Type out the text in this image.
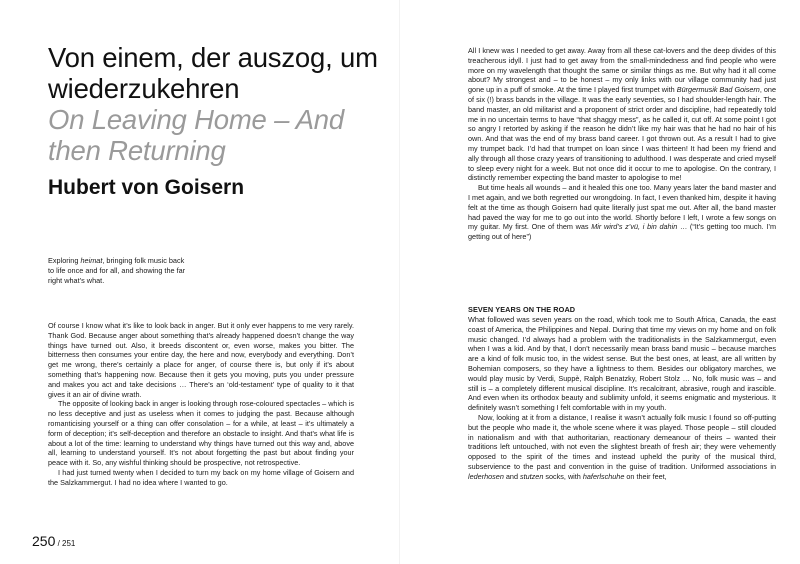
Von einem, der auszog, um wiederzukehren
On Leaving Home – And then Returning
Hubert von Goisern

Exploring heimat, bringing folk music back to life once and for all, and showing the far right what’s what.

Of course I know what it’s like to look back in anger. But it only ever happens to me very rarely. Thank God. Because anger about something that’s already happened doesn’t change the way things have turned out. Also, it breeds discontent or, even worse, makes you bitter. The bitterness then consumes your entire day, the here and now, everybody and everything. Don’t get me wrong, there’s certainly a place for anger, of course there is, but only if it’s about something that’s happening now. Because then it gets you moving, puts you under pressure and makes you act and take decisions … There’s an ‘old-testament’ type of quality to it that gives it an air of divine wrath.

The opposite of looking back in anger is looking through rose-coloured spectacles – which is no less deceptive and just as useless when it comes to judging the past. Because although romanticising yourself or a thing can offer consolation – for a while, at least – it’s ultimately a form of deception; it’s self-deception and therefore an obstacle to insight. And that’s what life is about a lot of the time: learning to understand why things have turned out this way and, above all, learning to understand yourself. It’s not about forgetting the past but about finding your peace with it. So, any wishful thinking should be prospective, not retrospective.

I had just turned twenty when I decided to turn my back on my home village of Goisern and the Salzkammergut. I had no idea where I wanted to go.

250 / 251

All I knew was I needed to get away. Away from all these cat-lovers and the deep divides of this treacherous idyll. I just had to get away from the small-mindedness and find people who were more on my wavelength that thought the same or similar things as me. But why had it all come about? My strongest and – to be honest – my only links with our village community had just gone up in a puff of smoke. At the time I played first trumpet with Bürgermusik Bad Goisern, one of six (!) brass bands in the village. It was the early seventies, so I had shoulder-length hair. The band master, an old militarist and a proponent of strict order and discipline, had repeatedly told me in no uncertain terms to have “that shaggy mess”, as he called it, cut off. At some point I got so angry I retorted by asking if the reason he didn’t like my hair was that he had no hair of his own. And that was the end of my brass band career. I got thrown out. As a result I had to give my trumpet back. I’d had that trumpet on loan since I was thirteen! It had been my friend and ally through all those crazy years of transitioning to adulthood. I was desperate and cried myself to sleep every night for a week. But not once did it occur to me to apologise. On the contrary, I distinctly remember expecting the band master to apologise to me!

But time heals all wounds – and it healed this one too. Many years later the band master and I met again, and we both regretted our wrongdoing. In fact, I even thanked him, despite it having felt at the time as though Goisern had quite literally just spat me out. After all, the band master had paved the way for me to go out into the world. Shortly before I left, I wrote a few songs on my guitar. My first. One of them was Mir wird’s z’vü, i bin dahin … (“It’s getting too much. I’m getting out of here”)

SEVEN YEARS ON THE ROAD

What followed was seven years on the road, which took me to South Africa, Canada, the east coast of America, the Philippines and Nepal. During that time my views on my home and on folk music changed. I’d always had a problem with the traditionalists in the Salzkammergut, even when I was a kid. And by that, I don’t necessarily mean brass band music – because marches are a kind of folk music too, in the widest sense. But the best ones, at least, are all written by Bohemian composers, so they have a lightness to them. Besides our obligatory marches, we would play music by Verdi, Suppè, Ralph Benatzky, Robert Stolz … No, folk music was – and still is – a completely different musical discipline. It’s recalcitrant, abrasive, rough and irascible. And even when its orthodox beauty and sublimity unfold, it seems enigmatic and mysterious. It definitely wasn’t something I felt comfortable with in my youth.

Now, looking at it from a distance, I realise it wasn’t actually folk music I found so off-putting but the people who made it, the whole scene where it was played. Those people – still clouded in nationalism and with that authoritarian, reactionary demeanour of theirs – wanted their traditions left untouched, with not even the slightest breath of fresh air; they were vehemently opposed to the spirit of the times and instead upheld the purity of the musical third, subservience to the past and convention in the guise of tradition. Uniformed associations in lederhosen and stutzen socks, with haferlschuhe on their feet,
